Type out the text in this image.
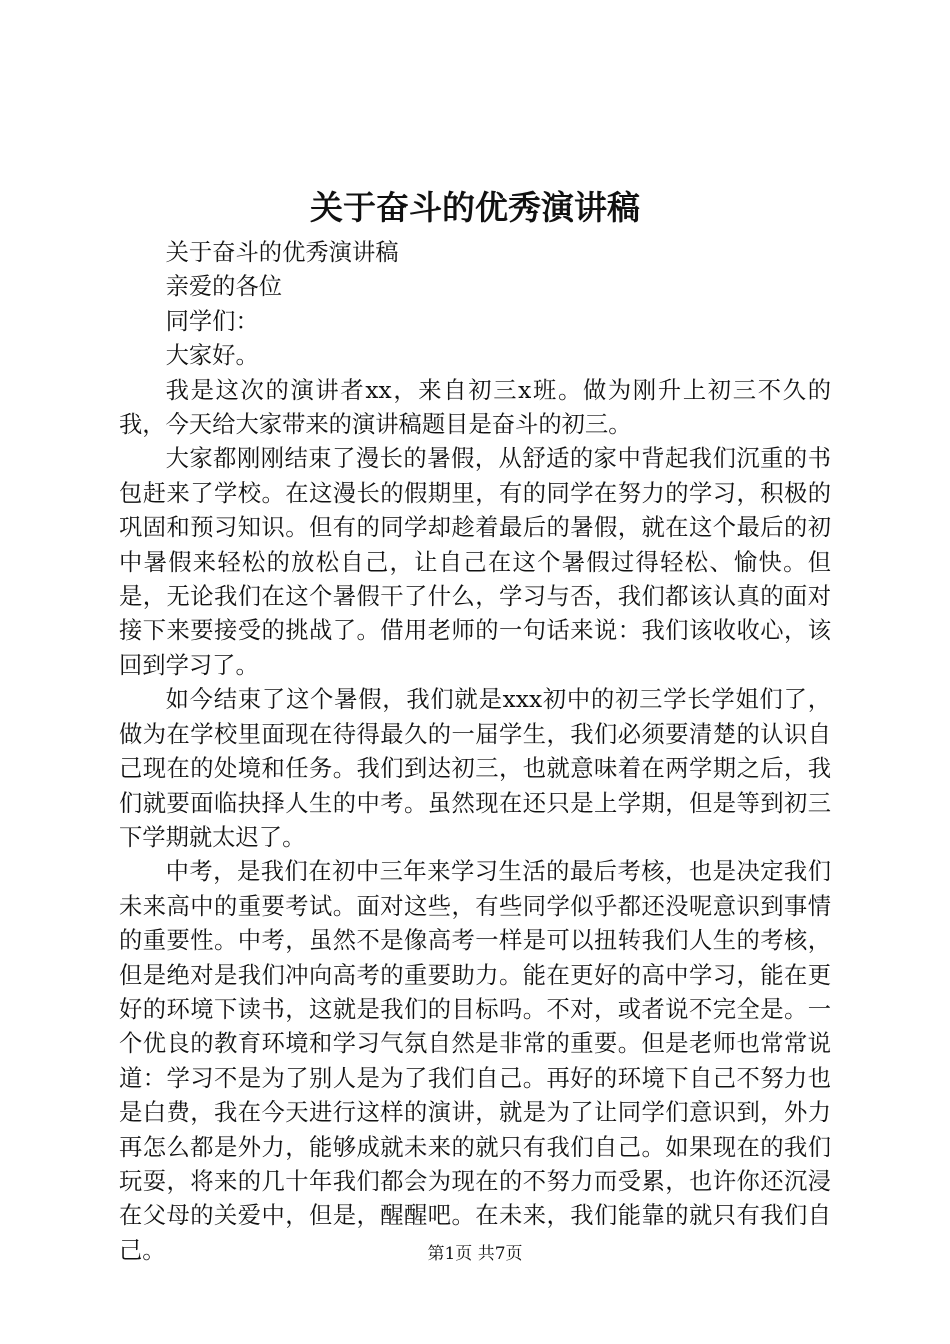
关于奋斗的优秀演讲稿

关于奋斗的优秀演讲稿

亲爱的各位

同学们：

大家好。

我是这次的演讲者xx，来自初三x班。做为刚升上初三不久的我，今天给大家带来的演讲稿题目是奋斗的初三。

大家都刚刚结束了漫长的暑假，从舒适的家中背起我们沉重的书包赶来了学校。在这漫长的假期里，有的同学在努力的学习，积极的巩固和预习知识。但有的同学却趁着最后的暑假，就在这个最后的初中暑假来轻松的放松自己，让自己在这个暑假过得轻松、愉快。但是，无论我们在这个暑假干了什么，学习与否，我们都该认真的面对接下来要接受的挑战了。借用老师的一句话来说：我们该收收心，该回到学习了。

如今结束了这个暑假，我们就是xxx初中的初三学长学姐们了，做为在学校里面现在待得最久的一届学生，我们必须要清楚的认识自己现在的处境和任务。我们到达初三，也就意味着在两学期之后，我们就要面临抉择人生的中考。虽然现在还只是上学期，但是等到初三下学期就太迟了。

中考，是我们在初中三年来学习生活的最后考核，也是决定我们未来高中的重要考试。面对这些，有些同学似乎都还没呢意识到事情的重要性。中考，虽然不是像高考一样是可以扭转我们人生的考核，但是绝对是我们冲向高考的重要助力。能在更好的高中学习，能在更好的环境下读书，这就是我们的目标吗。不对，或者说不完全是。一个优良的教育环境和学习气氛自然是非常的重要。但是老师也常常说道：学习不是为了别人是为了我们自己。再好的环境下自己不努力也是白费，我在今天进行这样的演讲，就是为了让同学们意识到，外力再怎么都是外力，能够成就未来的就只有我们自己。如果现在的我们玩耍，将来的几十年我们都会为现在的不努力而受累，也许你还沉浸在父母的关爱中，但是，醒醒吧。在未来，我们能靠的就只有我们自己。	第1页 共7页
